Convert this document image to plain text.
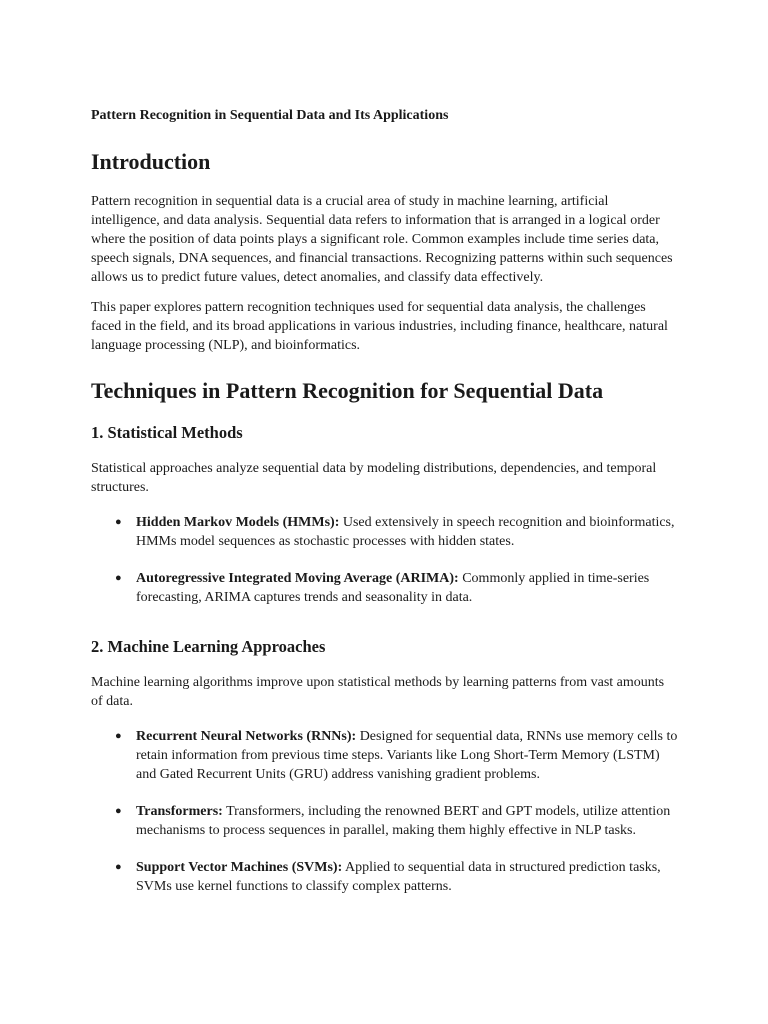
Pattern Recognition in Sequential Data and Its Applications
Introduction

Pattern recognition in sequential data is a crucial area of study in machine learning, artificial intelligence, and data analysis. Sequential data refers to information that is arranged in a logical order where the position of data points plays a significant role. Common examples include time series data, speech signals, DNA sequences, and financial transactions. Recognizing patterns within such sequences allows us to predict future values, detect anomalies, and classify data effectively.

This paper explores pattern recognition techniques used for sequential data analysis, the challenges faced in the field, and its broad applications in various industries, including finance, healthcare, natural language processing (NLP), and bioinformatics.

Techniques in Pattern Recognition for Sequential Data
1. Statistical Methods

Statistical approaches analyze sequential data by modeling distributions, dependencies, and temporal structures.

● Hidden Markov Models (HMMs): Used extensively in speech recognition and bioinformatics, HMMs model sequences as stochastic processes with hidden states.
● Autoregressive Integrated Moving Average (ARIMA): Commonly applied in time-series forecasting, ARIMA captures trends and seasonality in data.
2. Machine Learning Approaches

Machine learning algorithms improve upon statistical methods by learning patterns from vast amounts of data.

● Recurrent Neural Networks (RNNs): Designed for sequential data, RNNs use memory cells to retain information from previous time steps. Variants like Long Short-Term Memory (LSTM) and Gated Recurrent Units (GRU) address vanishing gradient problems.
● Transformers: Transformers, including the renowned BERT and GPT models, utilize attention mechanisms to process sequences in parallel, making them highly effective in NLP tasks.
● Support Vector Machines (SVMs): Applied to sequential data in structured prediction tasks, SVMs use kernel functions to classify complex patterns.
